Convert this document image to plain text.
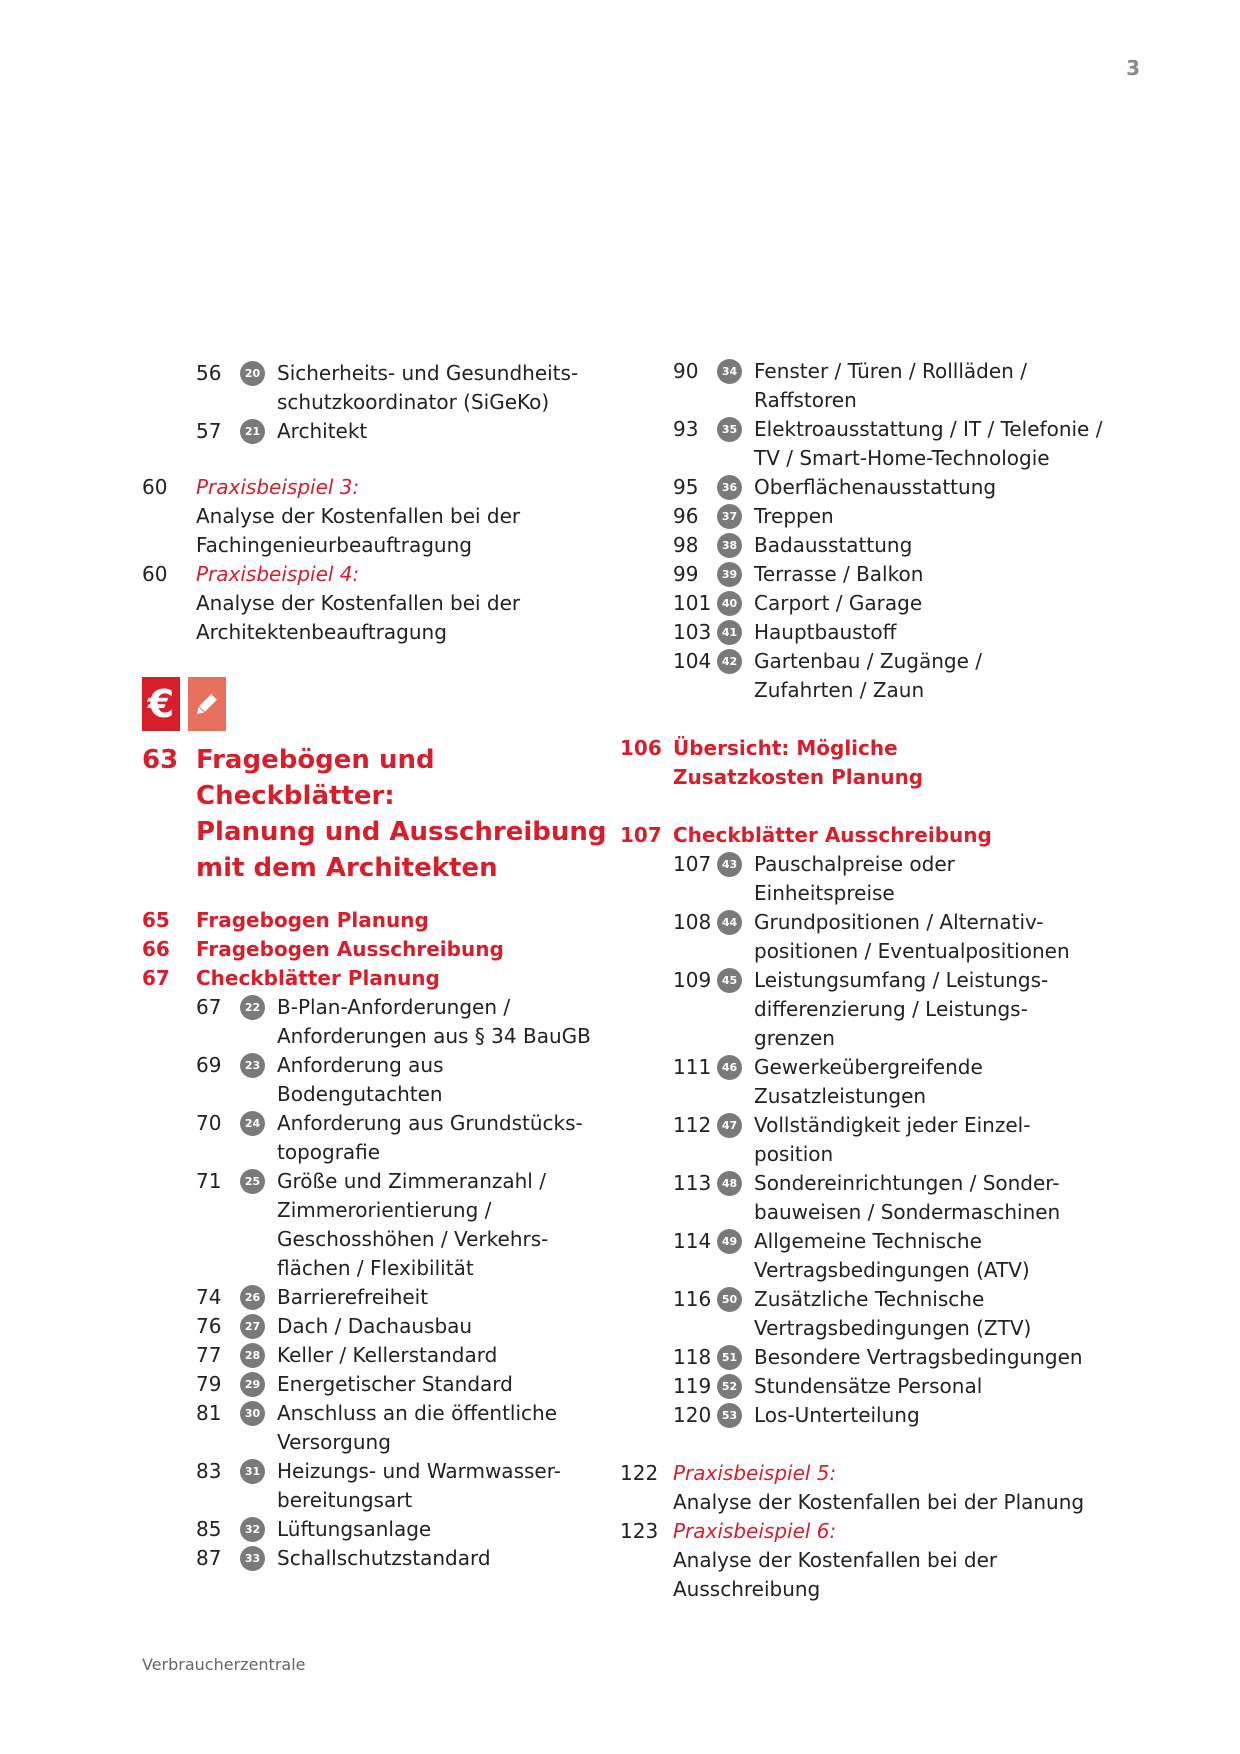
3
56	20 Sicherheits- und Gesundheits-
schutzkoordinator (SiGeKo)
57	21 Architekt
60	Praxisbeispiel 3:
Analyse der Kostenfallen bei der
Fachingenieurbeauftragung
60	Praxisbeispiel 4:
Analyse der Kostenfallen bei der
Architektenbeauftragung
€
63 Fragebögen und Checkblätter:
Planung und Ausschreibung
mit dem Architekten
65	Fragebogen Planung
66	Fragebogen Ausschreibung
67	Checkblätter Planung
67	22 B-Plan-Anforderungen /
Anforderungen aus § 34 BauGB
69	23 Anforderung aus Bodengutachten
70	24 Anforderung aus Grundstücks-
topografie
71	25 Größe und Zimmeranzahl /
Zimmerorientierung /
Geschosshöhen / Verkehrs-
flächen / Flexibilität
74	26 Barrierefreiheit
76	27 Dach / Dachausbau
77	28 Keller / Kellerstandard
79	29 Energetischer Standard
81	30 Anschluss an die öffentliche
Versorgung
83	31 Heizungs- und Warmwasser-
bereitungsart
85	32 Lüftungsanlage
87	33 Schallschutzstandard
90	34 Fenster / Türen / Rollläden /
Raffstoren
93	35 Elektroausstattung / IT / Telefonie /
TV / Smart-Home-Technologie
95	36 Oberflächenausstattung
96	37 Treppen
98	38 Badausstattung
99	39 Terrasse / Balkon
101 40 Carport / Garage
103 41 Hauptbaustoff
104 42 Gartenbau / Zugänge /
Zufahrten / Zaun
106 Übersicht: Mögliche
Zusatzkosten Planung
107 Checkblätter Ausschreibung
107 43 Pauschalpreise oder
Einheitspreise
108 44 Grundpositionen / Alternativ-
positionen / Eventualpositionen
109 45 Leistungsumfang / Leistungs-
differenzierung / Leistungs-
grenzen
111 46 Gewerkeübergreifende
Zusatzleistungen
112 47 Vollständigkeit jeder Einzel-
position
113 48 Sondereinrichtungen / Sonder-
bauweisen / Sondermaschinen
114 49 Allgemeine Technische
Vertragsbedingungen (ATV)
116 50 Zusätzliche Technische
Vertragsbedingungen (ZTV)
118 51 Besondere Vertragsbedingungen
119 52 Stundensätze Personal
120 53 Los-Unterteilung
122 Praxisbeispiel 5:
Analyse der Kostenfallen bei der Planung
123 Praxisbeispiel 6:
Analyse der Kostenfallen bei der
Ausschreibung
Verbraucherzentrale
